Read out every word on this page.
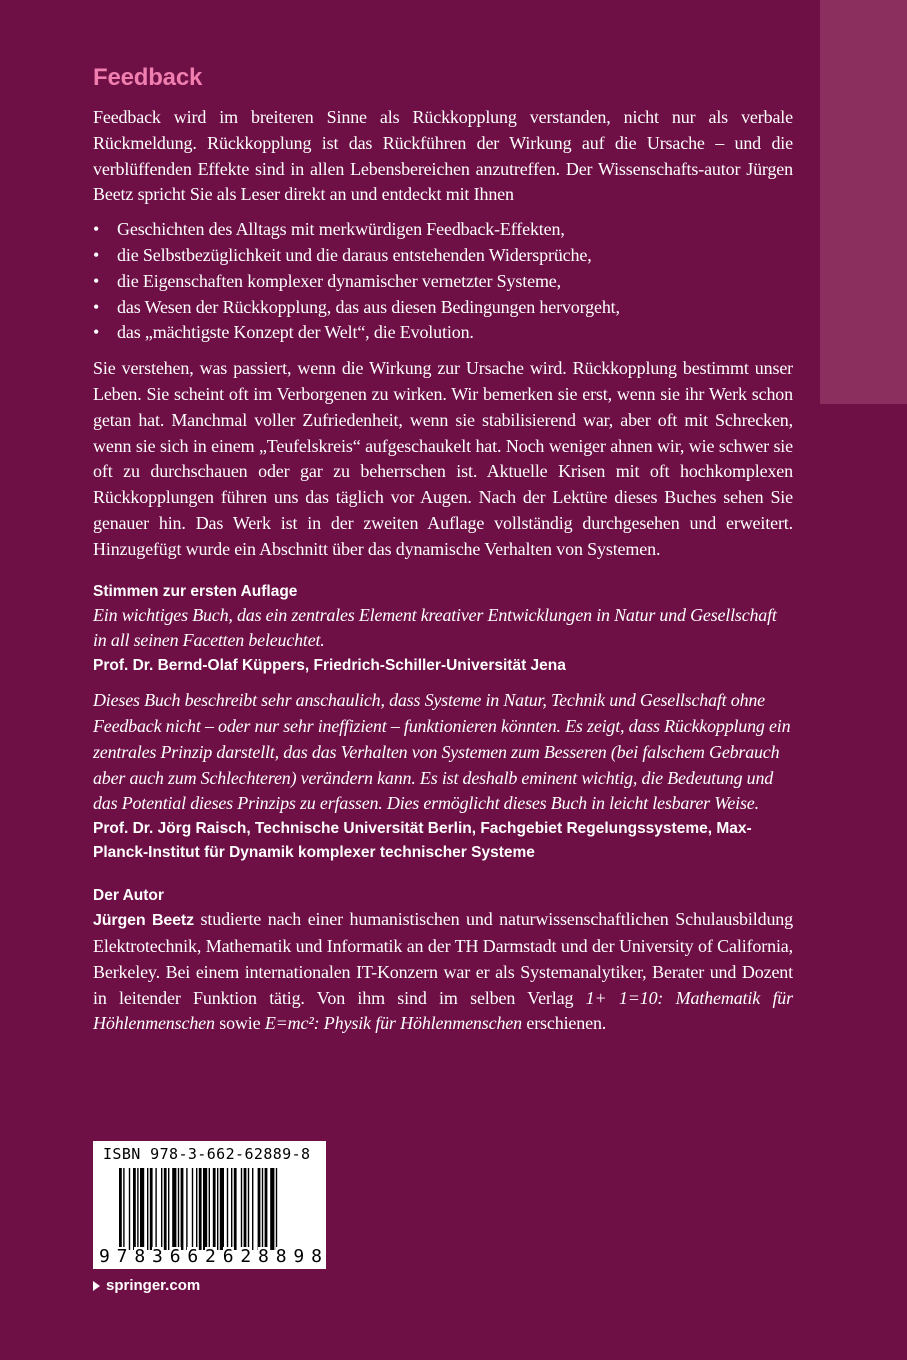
Feedback

Feedback wird im breiteren Sinne als Rückkopplung verstanden, nicht nur als verbale Rückmeldung. Rückkopplung ist das Rückführen der Wirkung auf die Ursache – und die verblüffenden Effekte sind in allen Lebensbereichen anzutreffen. Der Wissenschafts-autor Jürgen Beetz spricht Sie als Leser direkt an und entdeckt mit Ihnen

• Geschichten des Alltags mit merkwürdigen Feedback-Effekten,
• die Selbstbezüglichkeit und die daraus entstehenden Widersprüche,
• die Eigenschaften komplexer dynamischer vernetzter Systeme,
• das Wesen der Rückkopplung, das aus diesen Bedingungen hervorgeht,
• das „mächtigste Konzept der Welt“, die Evolution.

Sie verstehen, was passiert, wenn die Wirkung zur Ursache wird. Rückkopplung bestimmt unser Leben. Sie scheint oft im Verborgenen zu wirken. Wir bemerken sie erst, wenn sie ihr Werk schon getan hat. Manchmal voller Zufriedenheit, wenn sie stabilisierend war, aber oft mit Schrecken, wenn sie sich in einem „Teufelskreis“ aufgeschaukelt hat. Noch weniger ahnen wir, wie schwer sie oft zu durchschauen oder gar zu beherrschen ist. Aktuelle Krisen mit oft hochkomplexen Rückkopplungen führen uns das täglich vor Augen. Nach der Lektüre dieses Buches sehen Sie genauer hin. Das Werk ist in der zweiten Auflage vollständig durchgesehen und erweitert. Hinzugefügt wurde ein Abschnitt über das dynamische Verhalten von Systemen.

Stimmen zur ersten Auflage

Ein wichtiges Buch, das ein zentrales Element kreativer Entwicklungen in Natur und Gesellschaft in all seinen Facetten beleuchtet.

Prof. Dr. Bernd-Olaf Küppers, Friedrich-Schiller-Universität Jena

Dieses Buch beschreibt sehr anschaulich, dass Systeme in Natur, Technik und Gesellschaft ohne Feedback nicht – oder nur sehr ineffizient – funktionieren könnten. Es zeigt, dass Rückkopplung ein zentrales Prinzip darstellt, das das Verhalten von Systemen zum Besseren (bei falschem Gebrauch aber auch zum Schlechteren) verändern kann. Es ist deshalb eminent wichtig, die Bedeutung und das Potential dieses Prinzips zu erfassen. Dies ermöglicht dieses Buch in leicht lesbarer Weise.

Prof. Dr. Jörg Raisch, Technische Universität Berlin, Fachgebiet Regelungssysteme, Max-Planck-Institut für Dynamik komplexer technischer Systeme

Der Autor

Jürgen Beetz studierte nach einer humanistischen und naturwissenschaftlichen Schulausbildung Elektrotechnik, Mathematik und Informatik an der TH Darmstadt und der University of California, Berkeley. Bei einem internationalen IT-Konzern war er als Systemanalytiker, Berater und Dozent in leitender Funktion tätig. Von ihm sind im selben Verlag 1+ 1=10: Mathematik für Höhlenmenschen sowie E=mc²: Physik für Höhlenmenschen erschienen.

ISBN 978-3-662-62889-8
9 7 8 3 6 6 2 6 2 8 8 9 8
springer.com
